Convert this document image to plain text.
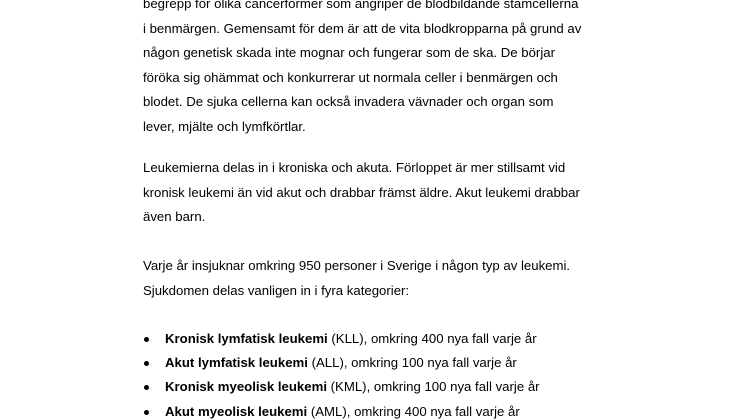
begrepp för olika cancerformer som angriper de blodbildande stamcellerna
i benmärgen. Gemensamt för dem är att de vita blodkropparna på grund av
någon genetisk skada inte mognar och fungerar som de ska. De börjar
föröka sig ohämmat och konkurrerar ut normala celler i benmärgen och
blodet. De sjuka cellerna kan också invadera vävnader och organ som
lever, mjälte och lymfkörtlar.
Leukemierna delas in i kroniska och akuta. Förloppet är mer stillsamt vid
kronisk leukemi än vid akut och drabbar främst äldre. Akut leukemi drabbar
även barn.
Varje år insjuknar omkring 950 personer i Sverige i någon typ av leukemi.
Sjukdomen delas vanligen in i fyra kategorier:
Kronisk lymfatisk leukemi (KLL), omkring 400 nya fall varje år
Akut lymfatisk leukemi (ALL), omkring 100 nya fall varje år
Kronisk myeolisk leukemi (KML), omkring 100 nya fall varje år
Akut myeolisk leukemi (AML), omkring 400 nya fall varje år
